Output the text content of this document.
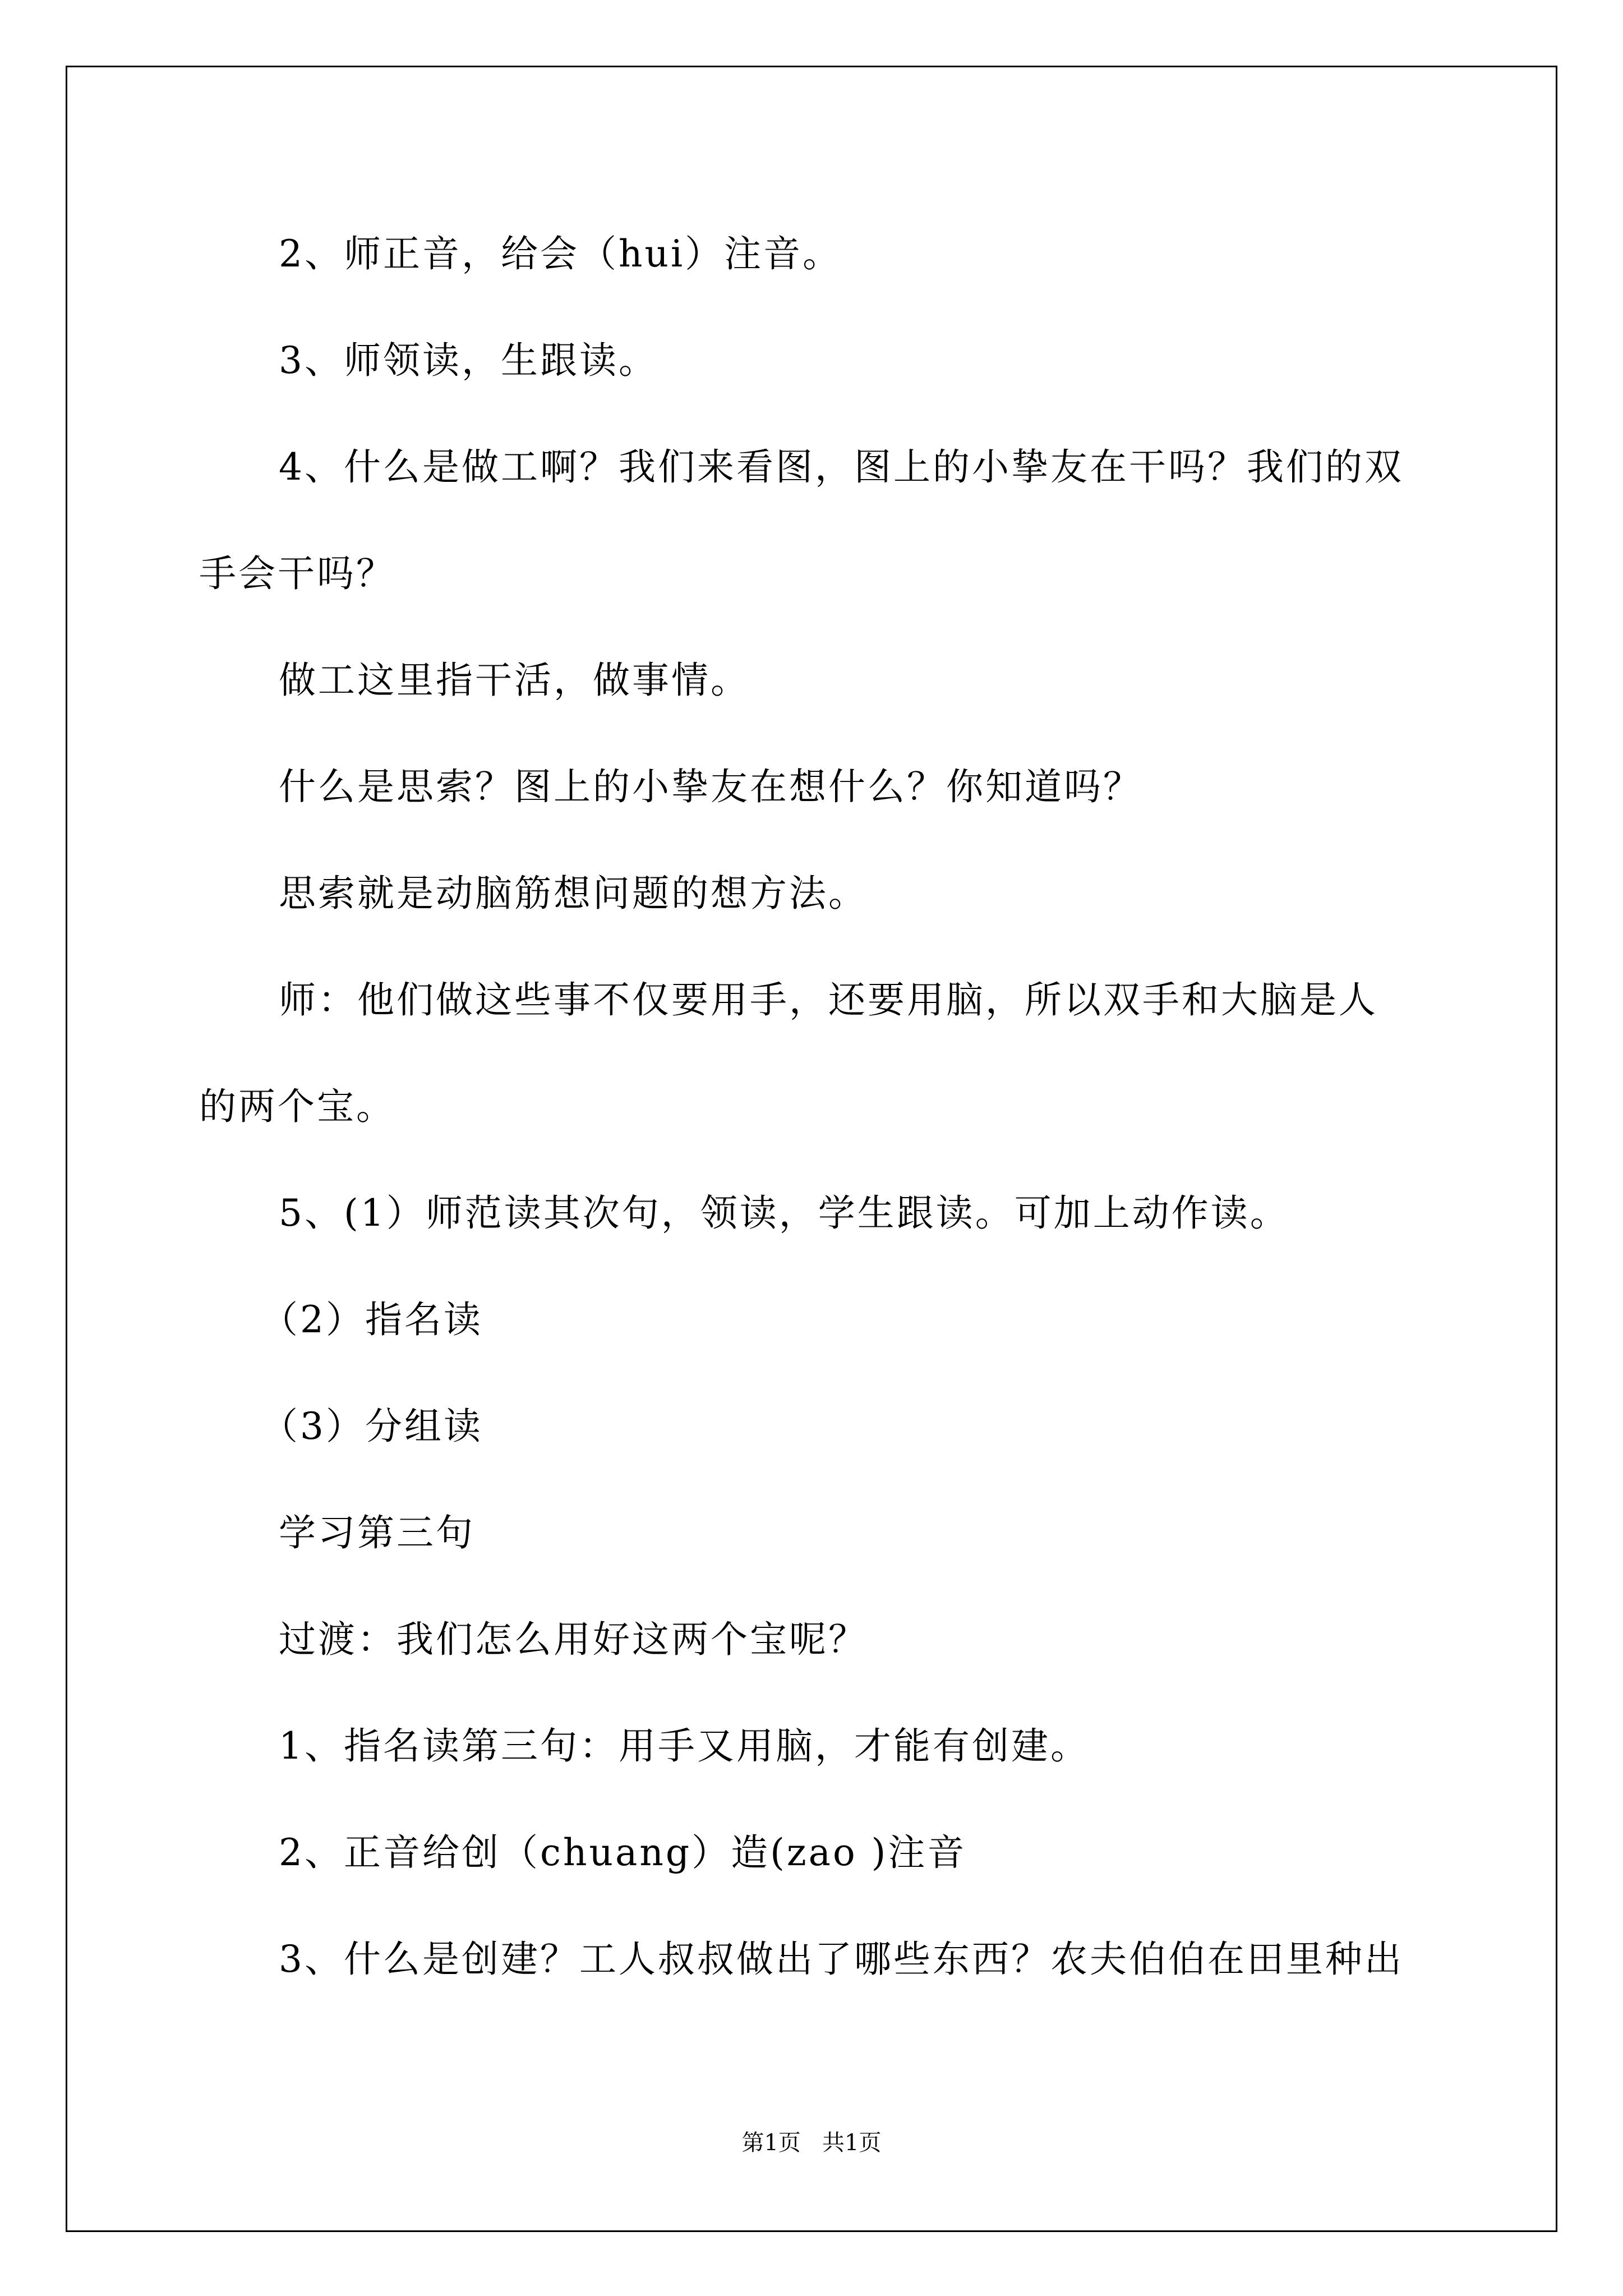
2、师正音，给会（hui）注音。
3、师领读，生跟读。
4、什么是做工啊？我们来看图，图上的小挚友在干吗？我们的双
手会干吗？
做工这里指干活，做事情。
什么是思索？图上的小挚友在想什么？你知道吗？
思索就是动脑筋想问题的想方法。
师：他们做这些事不仅要用手，还要用脑，所以双手和大脑是人
的两个宝。
5、(1）师范读其次句，领读，学生跟读。可加上动作读。
（2）指名读
（3）分组读
学习第三句
过渡：我们怎么用好这两个宝呢？
1、指名读第三句：用手又用脑，才能有创建。
2、正音给创（chuang）造(zao )注音
3、什么是创建？工人叔叔做出了哪些东西？农夫伯伯在田里种出
第1页   共1页
